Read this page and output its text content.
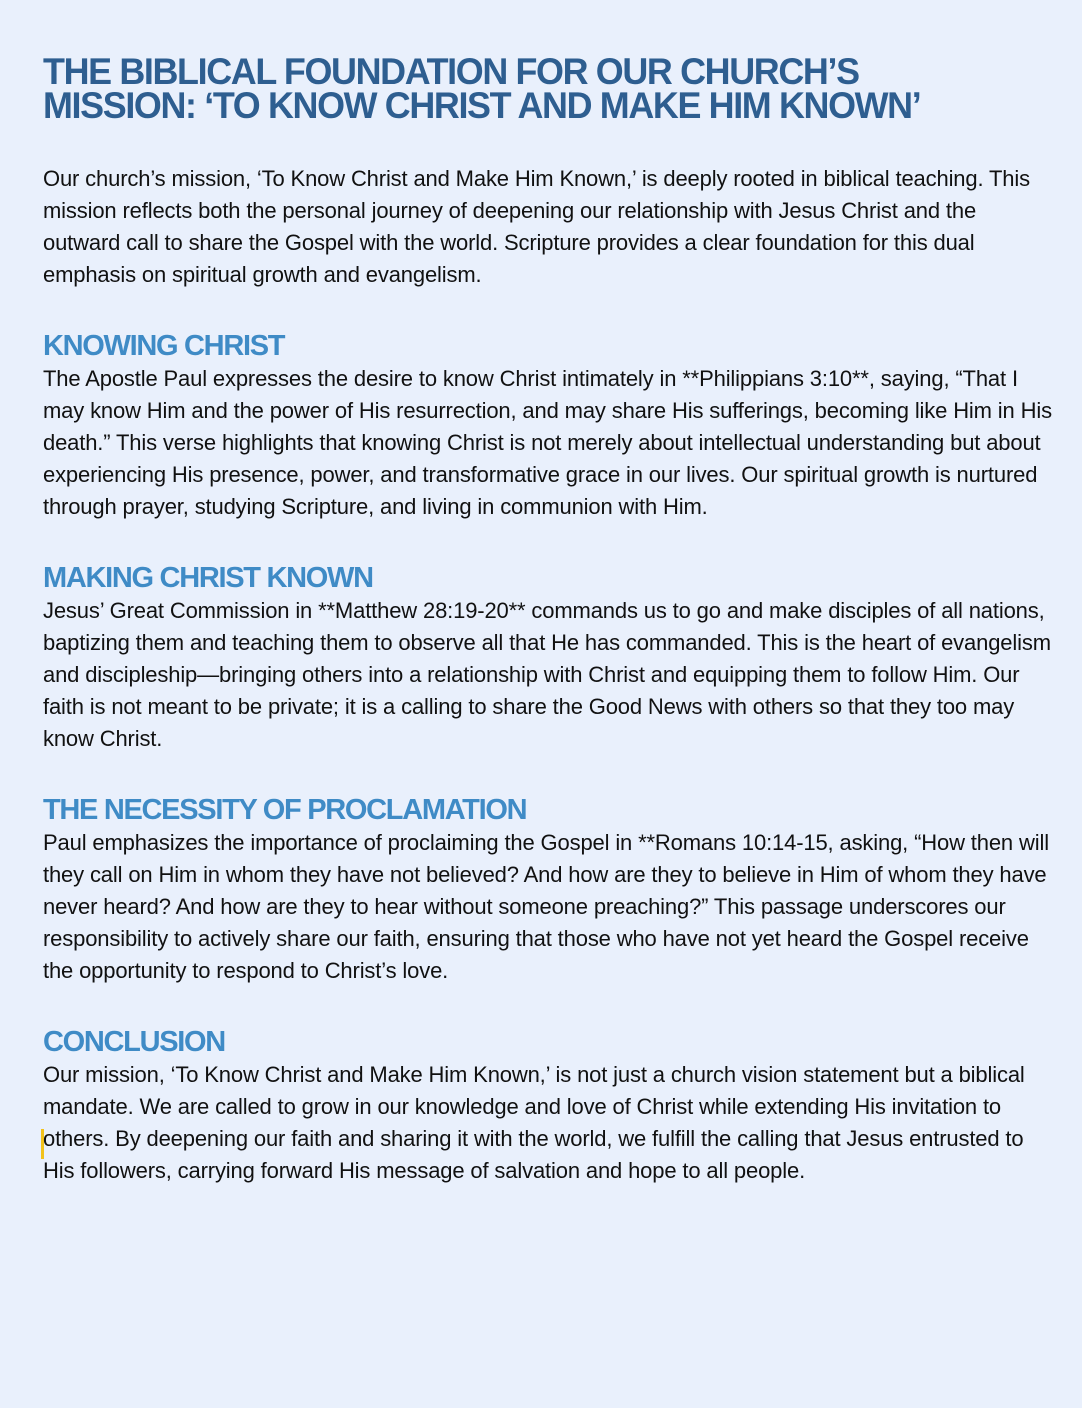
THE BIBLICAL FOUNDATION FOR OUR CHURCH’S MISSION: ‘TO KNOW CHRIST AND MAKE HIM KNOWN’

Our church’s mission, ‘To Know Christ and Make Him Known,’ is deeply rooted in biblical teaching. This mission reflects both the personal journey of deepening our relationship with Jesus Christ and the outward call to share the Gospel with the world. Scripture provides a clear foundation for this dual emphasis on spiritual growth and evangelism.

KNOWING CHRIST

The Apostle Paul expresses the desire to know Christ intimately in **Philippians 3:10**, saying, “That I may know Him and the power of His resurrection, and may share His sufferings, becoming like Him in His death.” This verse highlights that knowing Christ is not merely about intellectual understanding but about experiencing His presence, power, and transformative grace in our lives. Our spiritual growth is nurtured through prayer, studying Scripture, and living in communion with Him.

MAKING CHRIST KNOWN

Jesus’ Great Commission in **Matthew 28:19-20** commands us to go and make disciples of all nations, baptizing them and teaching them to observe all that He has commanded. This is the heart of evangelism and discipleship—bringing others into a relationship with Christ and equipping them to follow Him. Our faith is not meant to be private; it is a calling to share the Good News with others so that they too may know Christ.

THE NECESSITY OF PROCLAMATION

Paul emphasizes the importance of proclaiming the Gospel in **Romans 10:14-15, asking, “How then will they call on Him in whom they have not believed? And how are they to believe in Him of whom they have never heard? And how are they to hear without someone preaching?” This passage underscores our responsibility to actively share our faith, ensuring that those who have not yet heard the Gospel receive the opportunity to respond to Christ’s love.

CONCLUSION

Our mission, ‘To Know Christ and Make Him Known,’ is not just a church vision statement but a biblical mandate. We are called to grow in our knowledge and love of Christ while extending His invitation to others. By deepening our faith and sharing it with the world, we fulfill the calling that Jesus entrusted to His followers, carrying forward His message of salvation and hope to all people.
